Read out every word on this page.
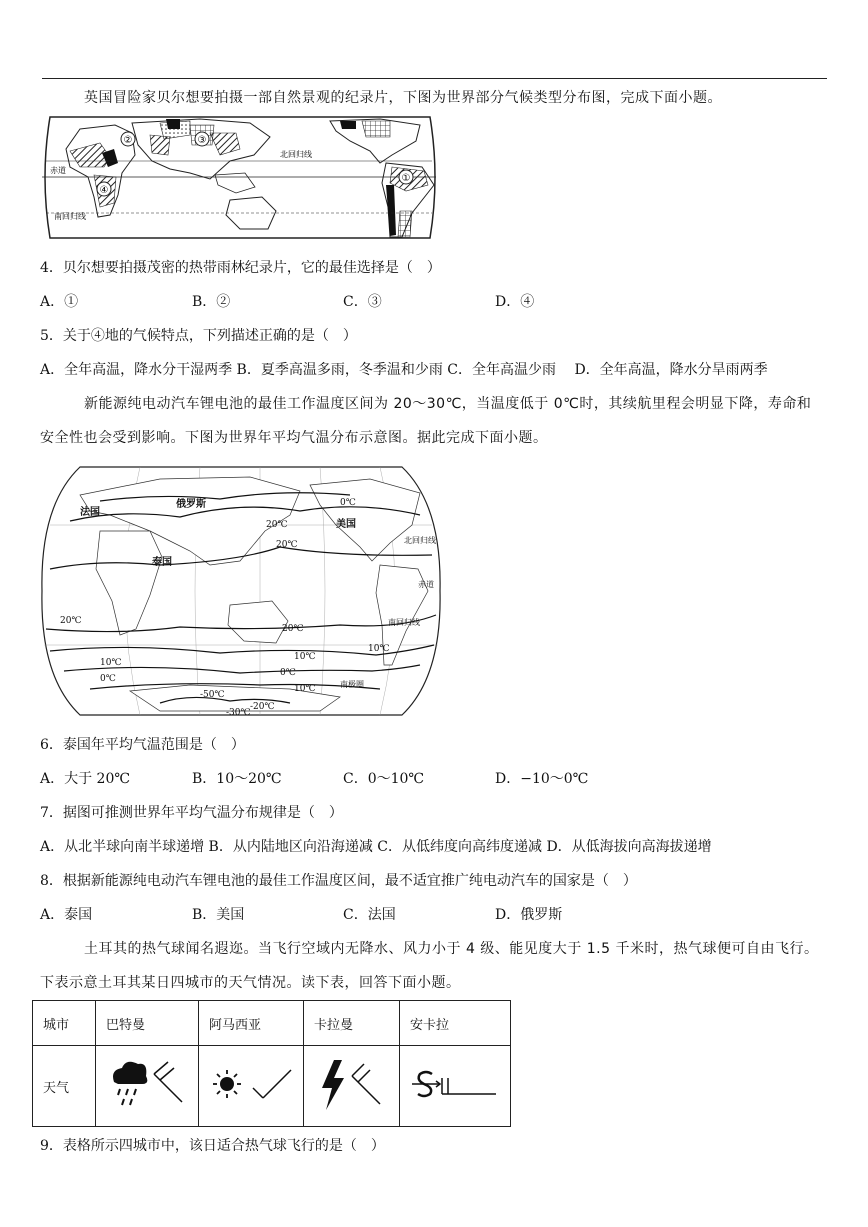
英国冒险家贝尔想要拍摄一部自然景观的纪录片，下图为世界部分气候类型分布图，完成下面小题。
①
②	③
④
赤道
北回归线
南回归线
4．贝尔想要拍摄茂密的热带雨林纪录片，它的最佳选择是（　）
A．①	B．②	C．③	D．④
5．关于④地的气候特点，下列描述正确的是（　）
A．全年高温，降水分干湿两季 B．夏季高温多雨，冬季温和少雨 C．全年高温少雨　 D．全年高温，降水分旱雨两季
新能源纯电动汽车锂电池的最佳工作温度区间为 20～30℃，当温度低于 0℃时，其续航里程会明显下降，寿命和
安全性也会受到影响。下图为世界年平均气温分布示意图。据此完成下面小题。
俄罗斯
法国
美国
泰国
赤道
北回归线
南回归线
南极圈
20℃
20℃
20℃
20℃
10℃
10℃
0℃
0℃
10℃
-20℃
-30℃
-50℃
10℃
0℃
6．泰国年平均气温范围是（　）
A．大于 20℃	B．10～20℃	C．0～10℃	D．−10～0℃
7．据图可推测世界年平均气温分布规律是（　）
A．从北半球向南半球递增 B．从内陆地区向沿海递减 C．从低纬度向高纬度递减 D．从低海拔向高海拔递增
8．根据新能源纯电动汽车锂电池的最佳工作温度区间，最不适宜推广纯电动汽车的国家是（　）
A．泰国	B．美国	C．法国	D．俄罗斯
土耳其的热气球闻名遐迩。当飞行空域内无降水、风力小于 4 级、能见度大于 1.5 千米时，热气球便可自由飞行。
下表示意土耳其某日四城市的天气情况。读下表，回答下面小题。
城市	巴特曼	阿马西亚	卡拉曼	安卡拉
天气				
9．表格所示四城市中，该日适合热气球飞行的是（　）
